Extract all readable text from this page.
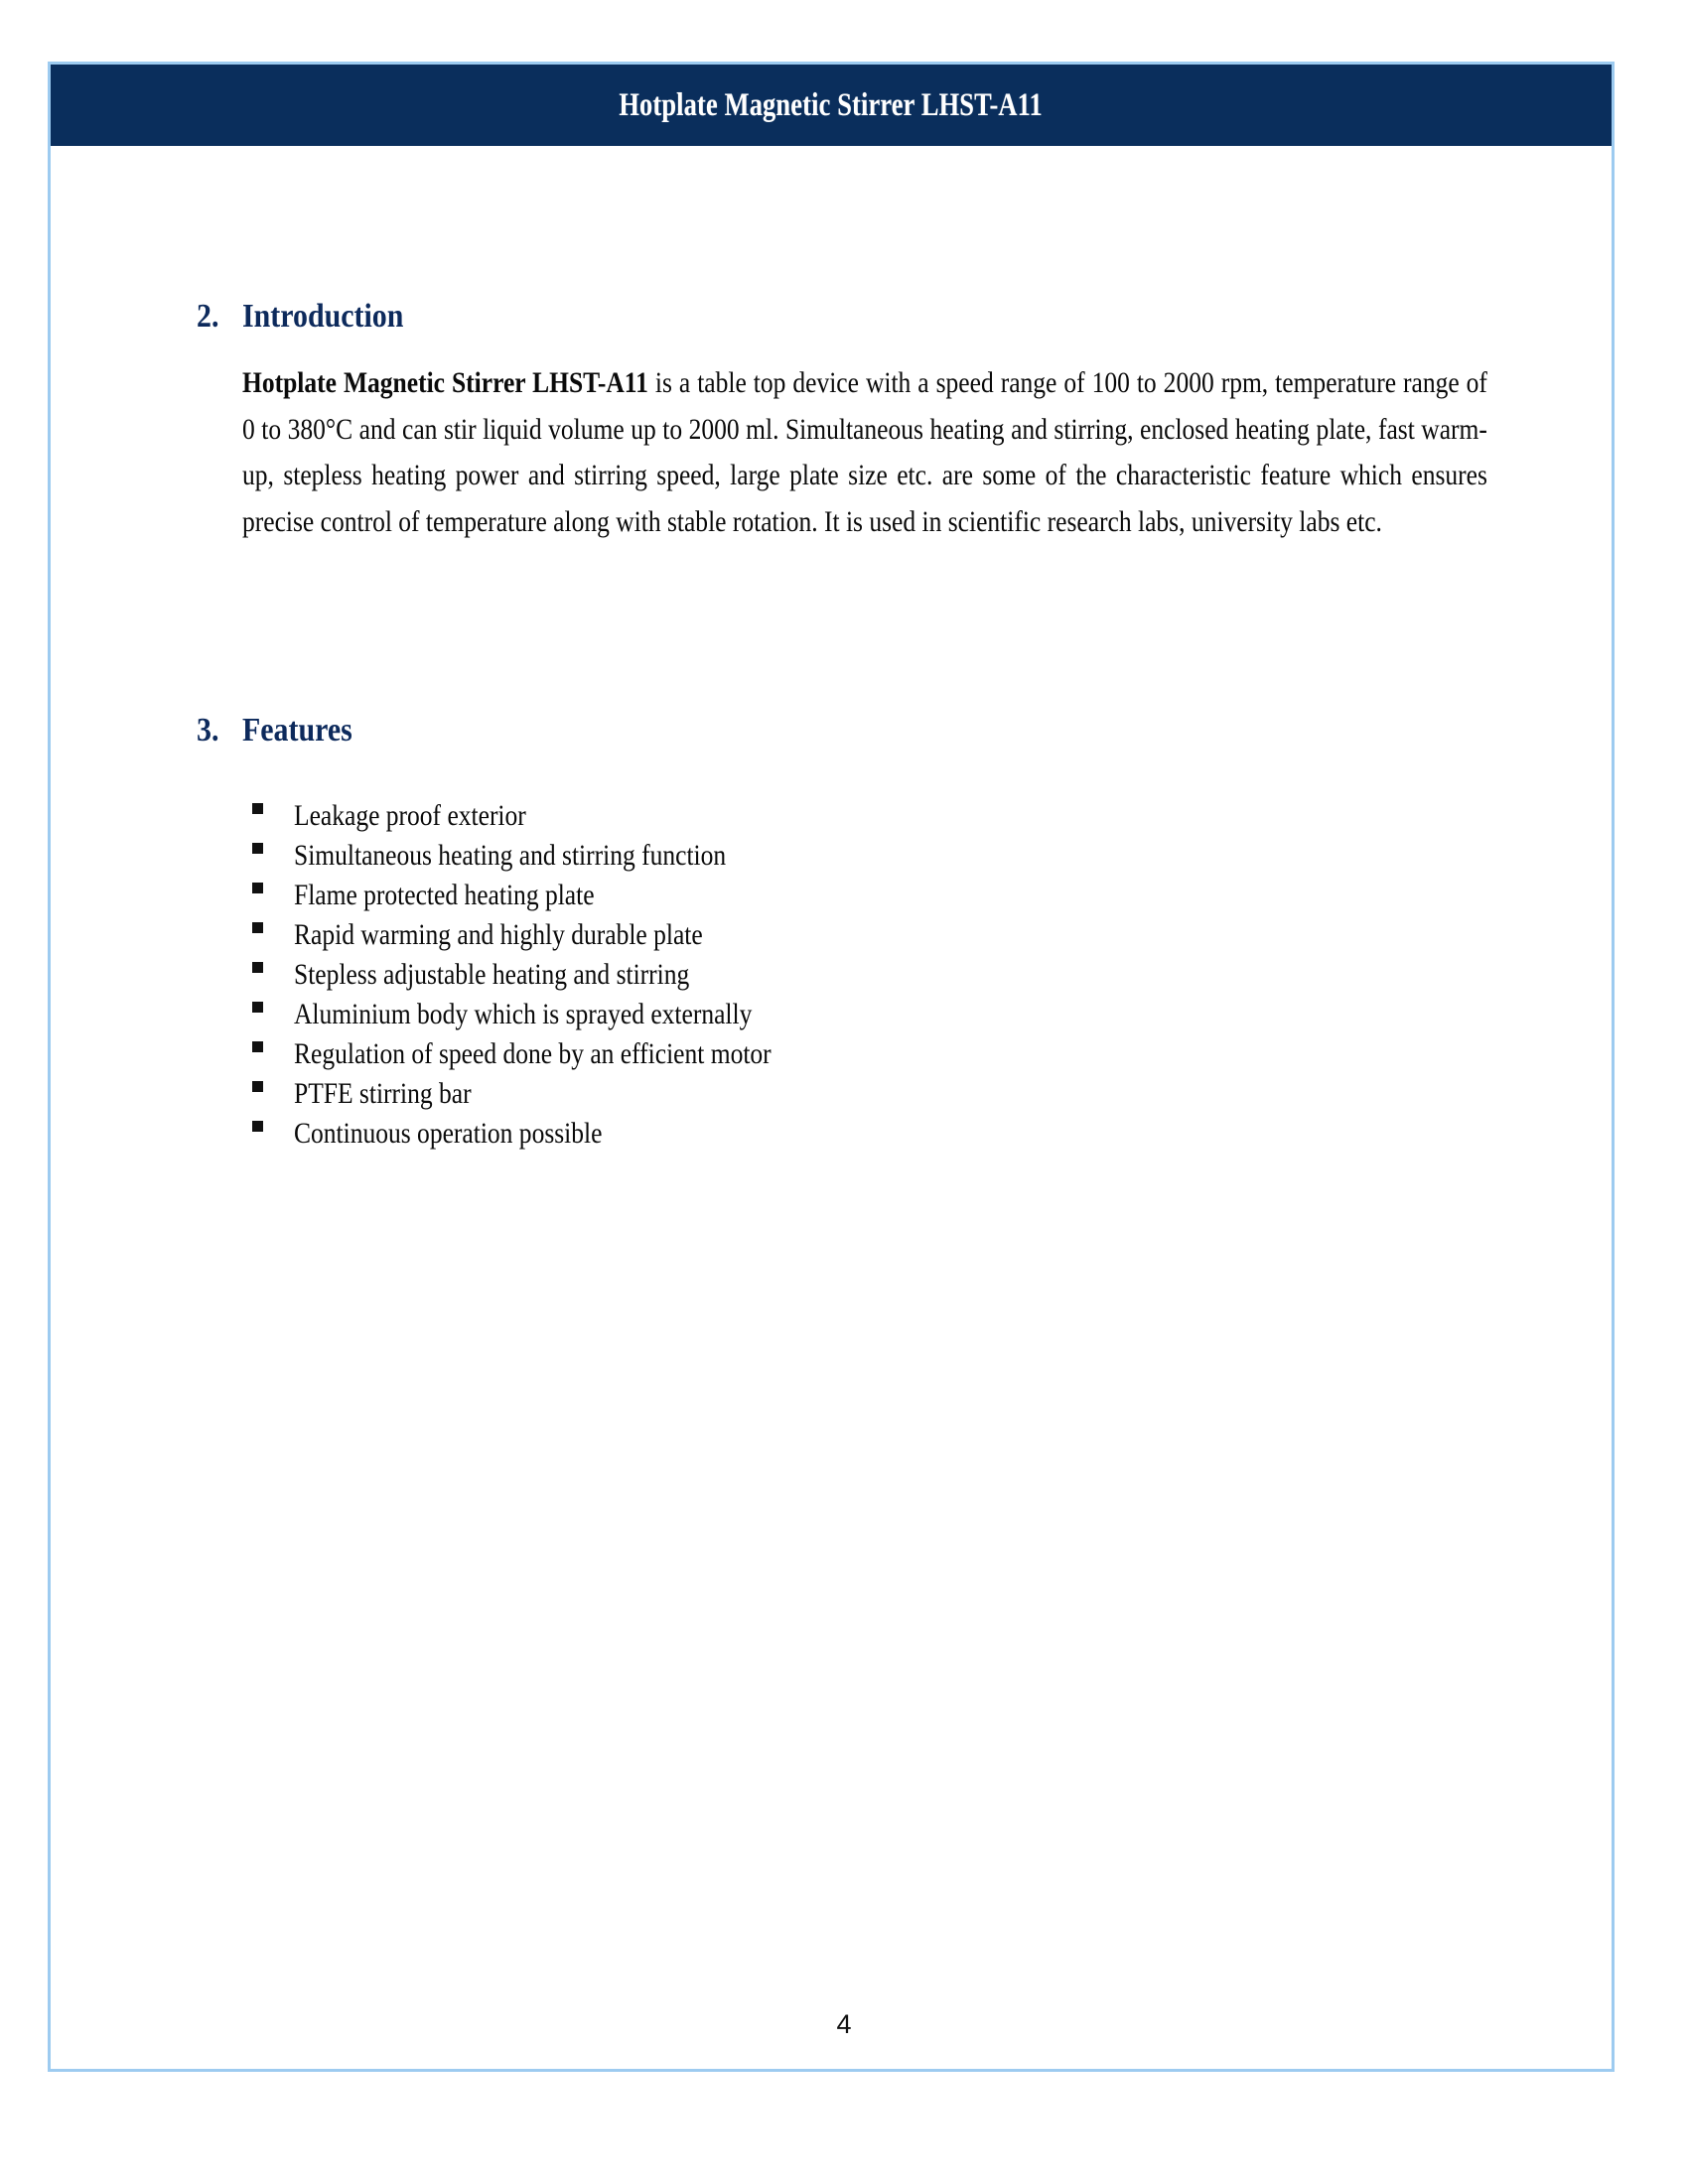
Hotplate Magnetic Stirrer LHST-A11
2. Introduction

Hotplate Magnetic Stirrer LHST-A11 is a table top device with a speed range of 100 to 2000 rpm, temperature range of 0 to 380°C and can stir liquid volume up to 2000 ml. Simultaneous heating and stirring, enclosed heating plate, fast warm-up, stepless heating power and stirring speed, large plate size etc. are some of the characteristic feature which ensures precise control of temperature along with stable rotation. It is used in scientific research labs, university labs etc.

3. Features
Leakage proof exterior
Simultaneous heating and stirring function
Flame protected heating plate
Rapid warming and highly durable plate
Stepless adjustable heating and stirring
Aluminium body which is sprayed externally
Regulation of speed done by an efficient motor
PTFE stirring bar
Continuous operation possible
4
